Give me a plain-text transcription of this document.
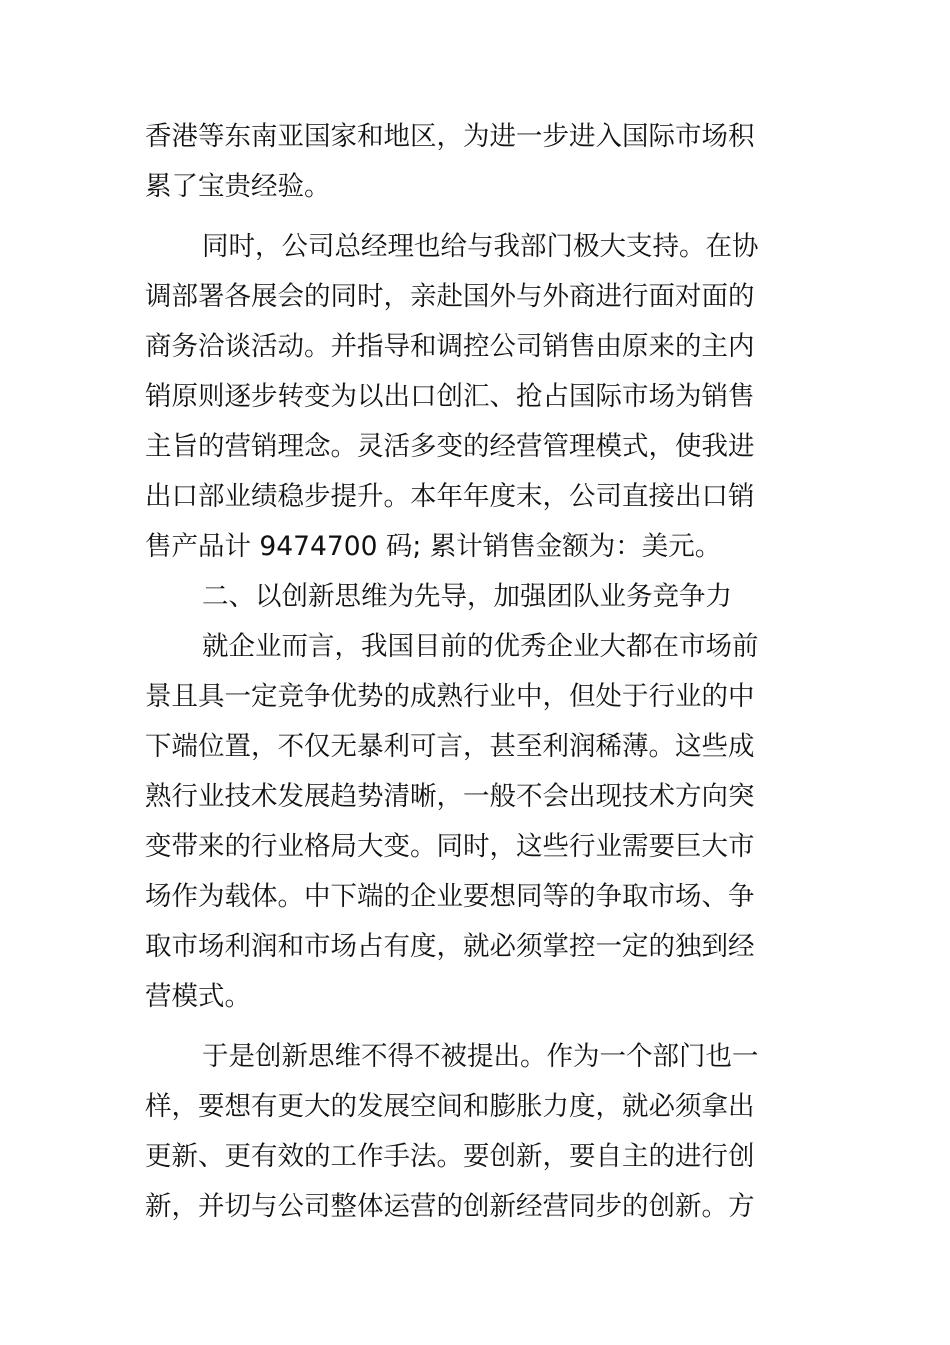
香港等东南亚国家和地区，为进一步进入国际市场积
累了宝贵经验。
同时，公司总经理也给与我部门极大支持。在协
调部署各展会的同时，亲赴国外与外商进行面对面的
商务洽谈活动。并指导和调控公司销售由原来的主内
销原则逐步转变为以出口创汇、抢占国际市场为销售
主旨的营销理念。灵活多变的经营管理模式，使我进
出口部业绩稳步提升。本年年度末，公司直接出口销
售产品计 9474700 码; 累计销售金额为：美元。
二、以创新思维为先导，加强团队业务竞争力
就企业而言，我国目前的优秀企业大都在市场前
景且具一定竞争优势的成熟行业中，但处于行业的中
下端位置，不仅无暴利可言，甚至利润稀薄。这些成
熟行业技术发展趋势清晰，一般不会出现技术方向突
变带来的行业格局大变。同时，这些行业需要巨大市
场作为载体。中下端的企业要想同等的争取市场、争
取市场利润和市场占有度，就必须掌控一定的独到经
营模式。
于是创新思维不得不被提出。作为一个部门也一
样，要想有更大的发展空间和膨胀力度，就必须拿出
更新、更有效的工作手法。要创新，要自主的进行创
新，并切与公司整体运营的创新经营同步的创新。方
